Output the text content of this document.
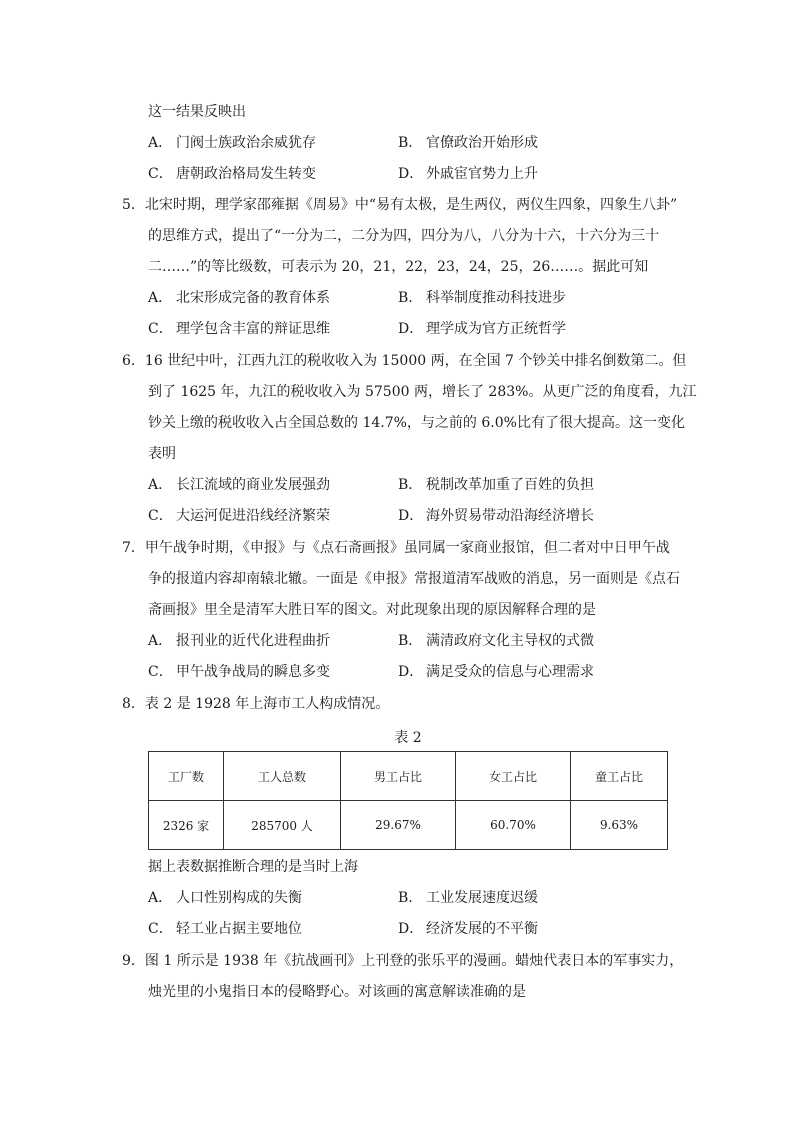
这一结果反映出
A． 门阀士族政治余威犹存	B． 官僚政治开始形成
C． 唐朝政治格局发生转变	D． 外戚宦官势力上升
5．北宋时期，理学家邵雍据《周易》中“易有太极，是生两仪，两仪生四象，四象生八卦”
的思维方式，提出了“一分为二，二分为四，四分为八，八分为十六，十六分为三十
二……”的等比级数，可表示为 20，21，22，23，24，25，26……。据此可知
A． 北宋形成完备的教育体系	B． 科举制度推动科技进步
C． 理学包含丰富的辩证思维	D． 理学成为官方正统哲学
6．16 世纪中叶，江西九江的税收收入为 15000 两，在全国 7 个钞关中排名倒数第二。但
到了 1625 年，九江的税收收入为 57500 两，增长了 283%。从更广泛的角度看，九江
钞关上缴的税收收入占全国总数的 14.7%，与之前的 6.0%比有了很大提高。这一变化
表明
A． 长江流域的商业发展强劲	B． 税制改革加重了百姓的负担
C． 大运河促进沿线经济繁荣	D． 海外贸易带动沿海经济增长
7．甲午战争时期，《申报》与《点石斋画报》虽同属一家商业报馆，但二者对中日甲午战
争的报道内容却南辕北辙。一面是《申报》常报道清军战败的消息，另一面则是《点石
斋画报》里全是清军大胜日军的图文。对此现象出现的原因解释合理的是
A． 报刊业的近代化进程曲折	B． 满清政府文化主导权的式微
C． 甲午战争战局的瞬息多变	D． 满足受众的信息与心理需求
8．表 2 是 1928 年上海市工人构成情况。
表 2
工厂数	工人总数	男工占比	女工占比	童工占比
2326 家	285700 人	29.67%	60.70%	9.63%
据上表数据推断合理的是当时上海
A． 人口性别构成的失衡	B． 工业发展速度迟缓
C． 轻工业占据主要地位	D． 经济发展的不平衡
9．图 1 所示是 1938 年《抗战画刊》上刊登的张乐平的漫画。蜡烛代表日本的军事实力，
烛光里的小鬼指日本的侵略野心。对该画的寓意解读准确的是
